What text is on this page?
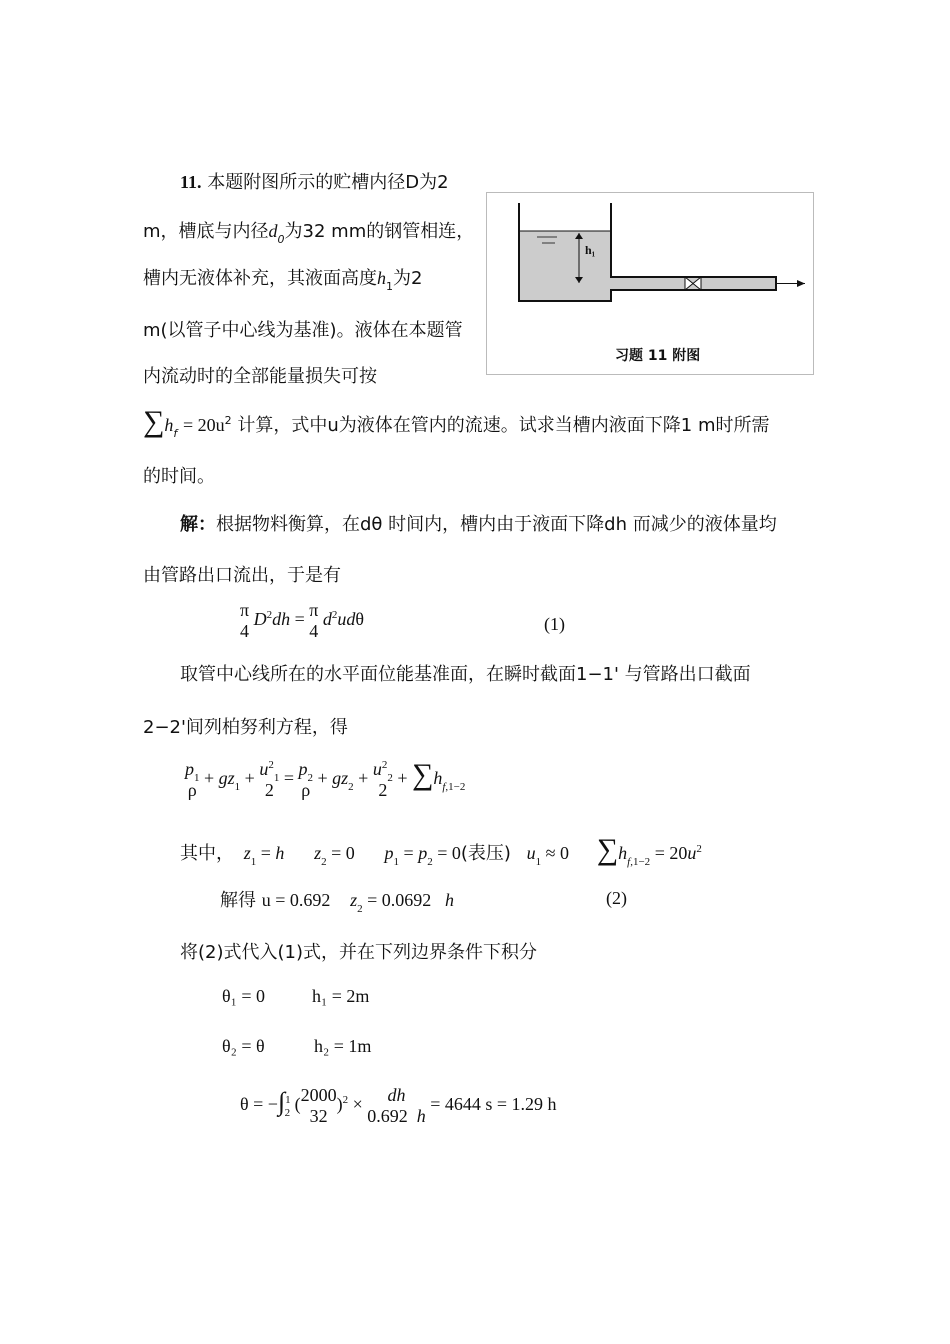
11. 本题附图所示的贮槽内径D为2
m，槽底与内径$d_0$为32 mm的钢管相连，
槽内无液体补充，其液面高度$h_1$为2
m(以管子中心线为基准)。液体在本题管
内流动时的全部能量损失可按
$\sum h_f = 20u^2$ 计算，式中u为液体在管内的流速。试求当槽内液面下降1 m时所需
的时间。
h₁
习题 11 附图
解：根据物料衡算，在dθ 时间内，槽内由于液面下降dh 而减少的液体量均
由管路出口流出，于是有
π
4 $D^2dh = \pi$
4 $d^2ud\theta$	(1)
取管中心线所在的水平面位能基准面，在瞬时截面1−1' 与管路出口截面
2−2'间列柏努利方程，得
$p_1$
$\rho + gz_1 + u^2_1$
$2 = p_2$
$\rho + gz_2 + u^2_2$
$2 + \sum h_{f,1-2}$
其中， $z_1 = h$ $z_2 = 0$ $p_1 = p_2 = 0$(表压) $u_1 \approx 0$ $\sum h_{f,1-2} = 20u^2$
解得 u = 0.692 $z_2 = 0.0692$ h	(2)
将(2)式代入(1)式，并在下列边界条件下积分
θ₁ = 0	h₁ = 2m
θ₂ = θ	h₂ = 1m
θ = −∫$^1_2$ (2000
32)$^2$ × dh
0.692  h = 4644 s = 1.29 h
